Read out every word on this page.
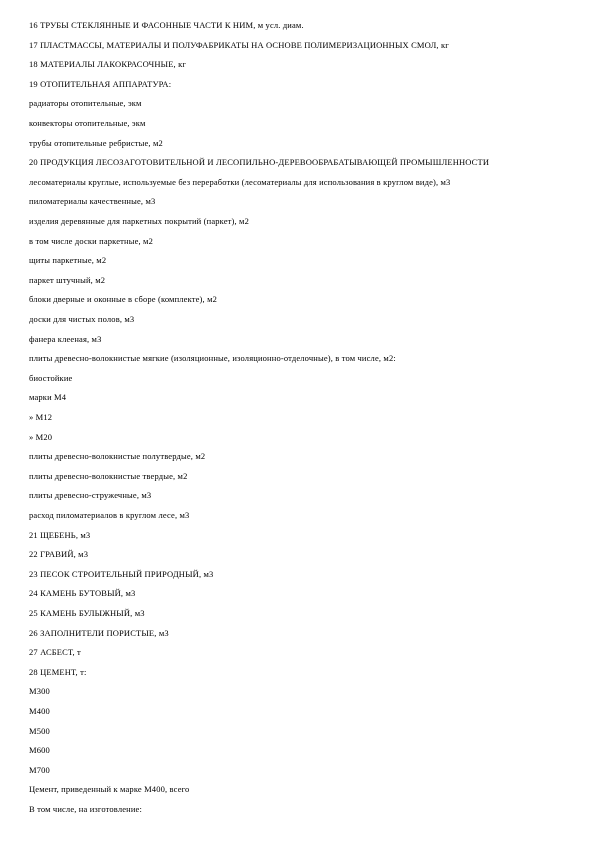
16 ТРУБЫ СТЕКЛЯННЫЕ И ФАСОННЫЕ ЧАСТИ К НИМ, м усл. диам.
17 ПЛАСТМАССЫ, МАТЕРИАЛЫ И ПОЛУФАБРИКАТЫ НА ОСНОВЕ ПОЛИМЕРИЗАЦИОННЫХ СМОЛ, кг
18 МАТЕРИАЛЫ ЛАКОКРАСОЧНЫЕ, кг
19 ОТОПИТЕЛЬНАЯ АППАРАТУРА:
радиаторы отопительные, экм
конвекторы отопительные, экм
трубы отопительные ребристые, м2
20 ПРОДУКЦИЯ ЛЕСОЗАГОТОВИТЕЛЬНОЙ И ЛЕСОПИЛЬНО-ДЕРЕВООБРАБАТЫВАЮЩЕЙ ПРОМЫШЛЕННОСТИ
лесоматериалы круглые, используемые без переработки (лесоматериалы для использования в круглом виде), м3
пиломатериалы качественные, м3
изделия деревянные для паркетных покрытий (паркет), м2
в том числе доски паркетные, м2
щиты паркетные, м2
паркет штучный, м2
блоки дверные и оконные в сборе (комплекте), м2
доски для чистых полов, м3
фанера клееная, м3
плиты древесно-волокнистые мягкие (изоляционные, изоляционно-отделочные), в том числе, м2:
биостойкие
марки М4
» М12
» М20
плиты древесно-волокнистые полутвердые, м2
плиты древесно-волокнистые твердые, м2
плиты древесно-стружечные, м3
расход пиломатериалов в круглом лесе, м3
21 ЩЕБЕНЬ, м3
22 ГРАВИЙ, м3
23 ПЕСОК СТРОИТЕЛЬНЫЙ ПРИРОДНЫЙ, м3
24 КАМЕНЬ БУТОВЫЙ, м3
25 КАМЕНЬ БУЛЫЖНЫЙ, м3
26 ЗАПОЛНИТЕЛИ ПОРИСТЫЕ, м3
27 АСБЕСТ, т
28 ЦЕМЕНТ, т:
М300
М400
М500
М600
М700
Цемент, приведенный к марке М400, всего
В том числе, на изготовление:
